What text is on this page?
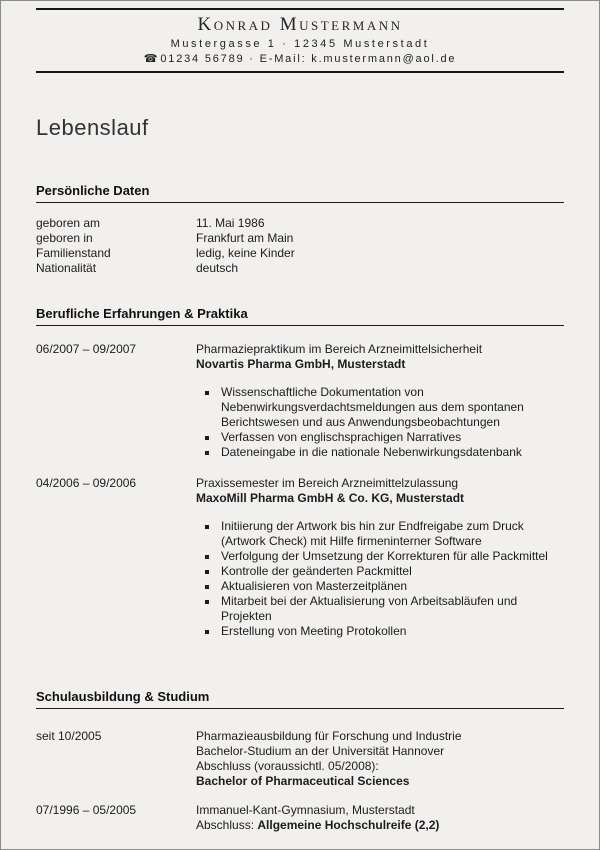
Konrad Mustermann
Mustergasse 1 · 12345 Musterstadt
☎ 01234 56789 · E-Mail: k.mustermann@aol.de
Lebenslauf
Persönliche Daten
geboren am	11. Mai 1986
geboren in	Frankfurt am Main
Familienstand	ledig, keine Kinder
Nationalität	deutsch
Berufliche Erfahrungen & Praktika
06/2007 – 09/2007	Pharmaziepraktikum im Bereich Arzneimittelsicherheit
Novartis Pharma GmbH, Musterstadt
▪ Wissenschaftliche Dokumentation von Nebenwirkungsverdachtsmeldungen aus dem spontanen Berichtswesen und aus Anwendungsbeobachtungen
▪ Verfassen von englischsprachigen Narratives
▪ Dateneingabe in die nationale Nebenwirkungsdatenbank
04/2006 – 09/2006	Praxissemester im Bereich Arzneimittelzulassung
MaxoMill Pharma GmbH & Co. KG, Musterstadt
▪ Initiierung der Artwork bis hin zur Endfreigabe zum Druck (Artwork Check) mit Hilfe firmeninterner Software
▪ Verfolgung der Umsetzung der Korrekturen für alle Packmittel
▪ Kontrolle der geänderten Packmittel
▪ Aktualisieren von Masterzeitplänen
▪ Mitarbeit bei der Aktualisierung von Arbeitsabläufen und Projekten
▪ Erstellung von Meeting Protokollen
Schulausbildung & Studium
seit 10/2005	Pharmazieausbildung für Forschung und Industrie
Bachelor-Studium an der Universität Hannover
Abschluss (voraussichtl. 05/2008):
Bachelor of Pharmaceutical Sciences
07/1996 – 05/2005	Immanuel-Kant-Gymnasium, Musterstadt
Abschluss: Allgemeine Hochschulreife (2,2)
